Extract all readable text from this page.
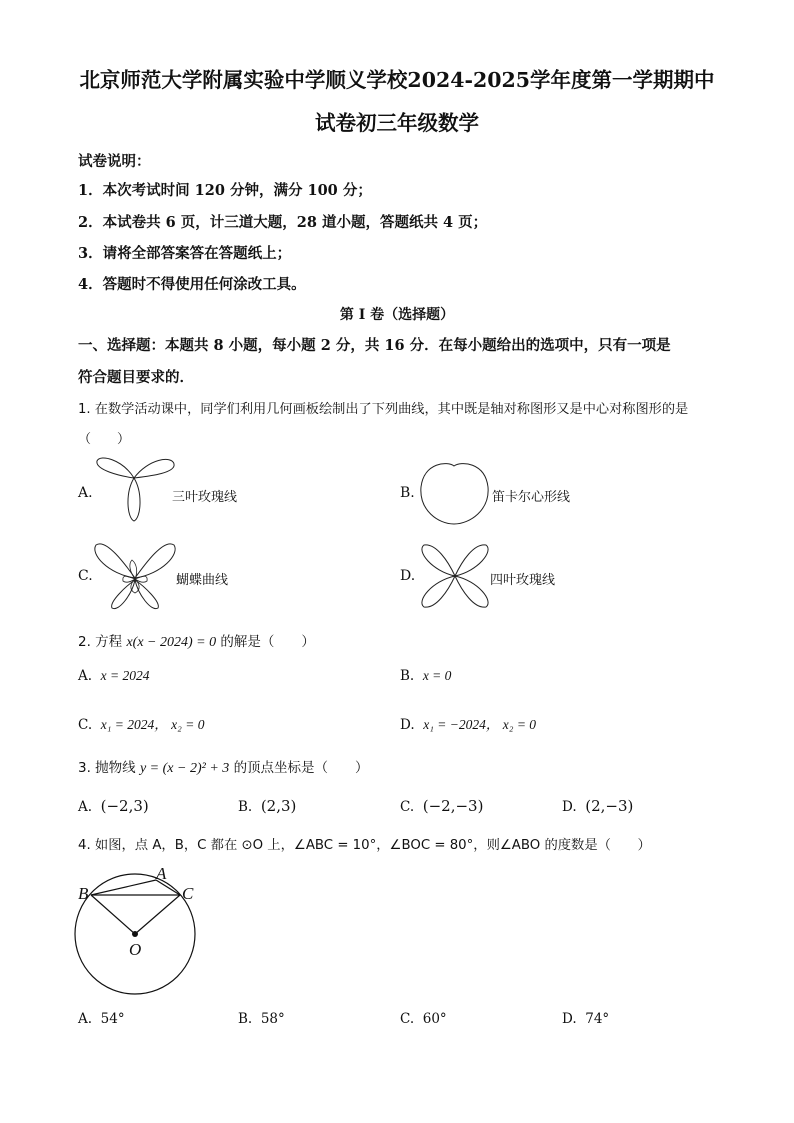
北京师范大学附属实验中学顺义学校2024-2025学年度第一学期期中
试卷初三年级数学
试卷说明：
1．本次考试时间 120 分钟，满分 100 分；
2．本试卷共 6 页，计三道大题，28 道小题，答题纸共 4 页；
3．请将全部答案答在答题纸上；
4．答题时不得使用任何涂改工具。
第 I 卷（选择题）
一、选择题：本题共 8 小题，每小题 2 分，共 16 分．在每小题给出的选项中，只有一项是
符合题目要求的．
1. 在数学活动课中，同学们利用几何画板绘制出了下列曲线，其中既是轴对称图形又是中心对称图形的是
（　　）
A.	三叶玫瑰线	B.	笛卡尔心形线
C.	蝴蝶曲线	D.	四叶玫瑰线
2. 方程 x(x − 2024) = 0 的解是（　　）
A. x = 2024	B. x = 0
C. x₁ = 2024， x₂ = 0	D. x₁ = −2024， x₂ = 0
3. 抛物线 y = (x − 2)² + 3 的顶点坐标是（　　）
A. (−2,3)	B. (2,3)	C. (−2,−3)	D. (2,−3)
4. 如图，点 A，B，C 都在 ⊙O 上，∠ABC = 10°，∠BOC = 80°，则∠ABO 的度数是（　　）
A
B	C
O
A. 54°	B. 58°	C. 60°	D. 74°
